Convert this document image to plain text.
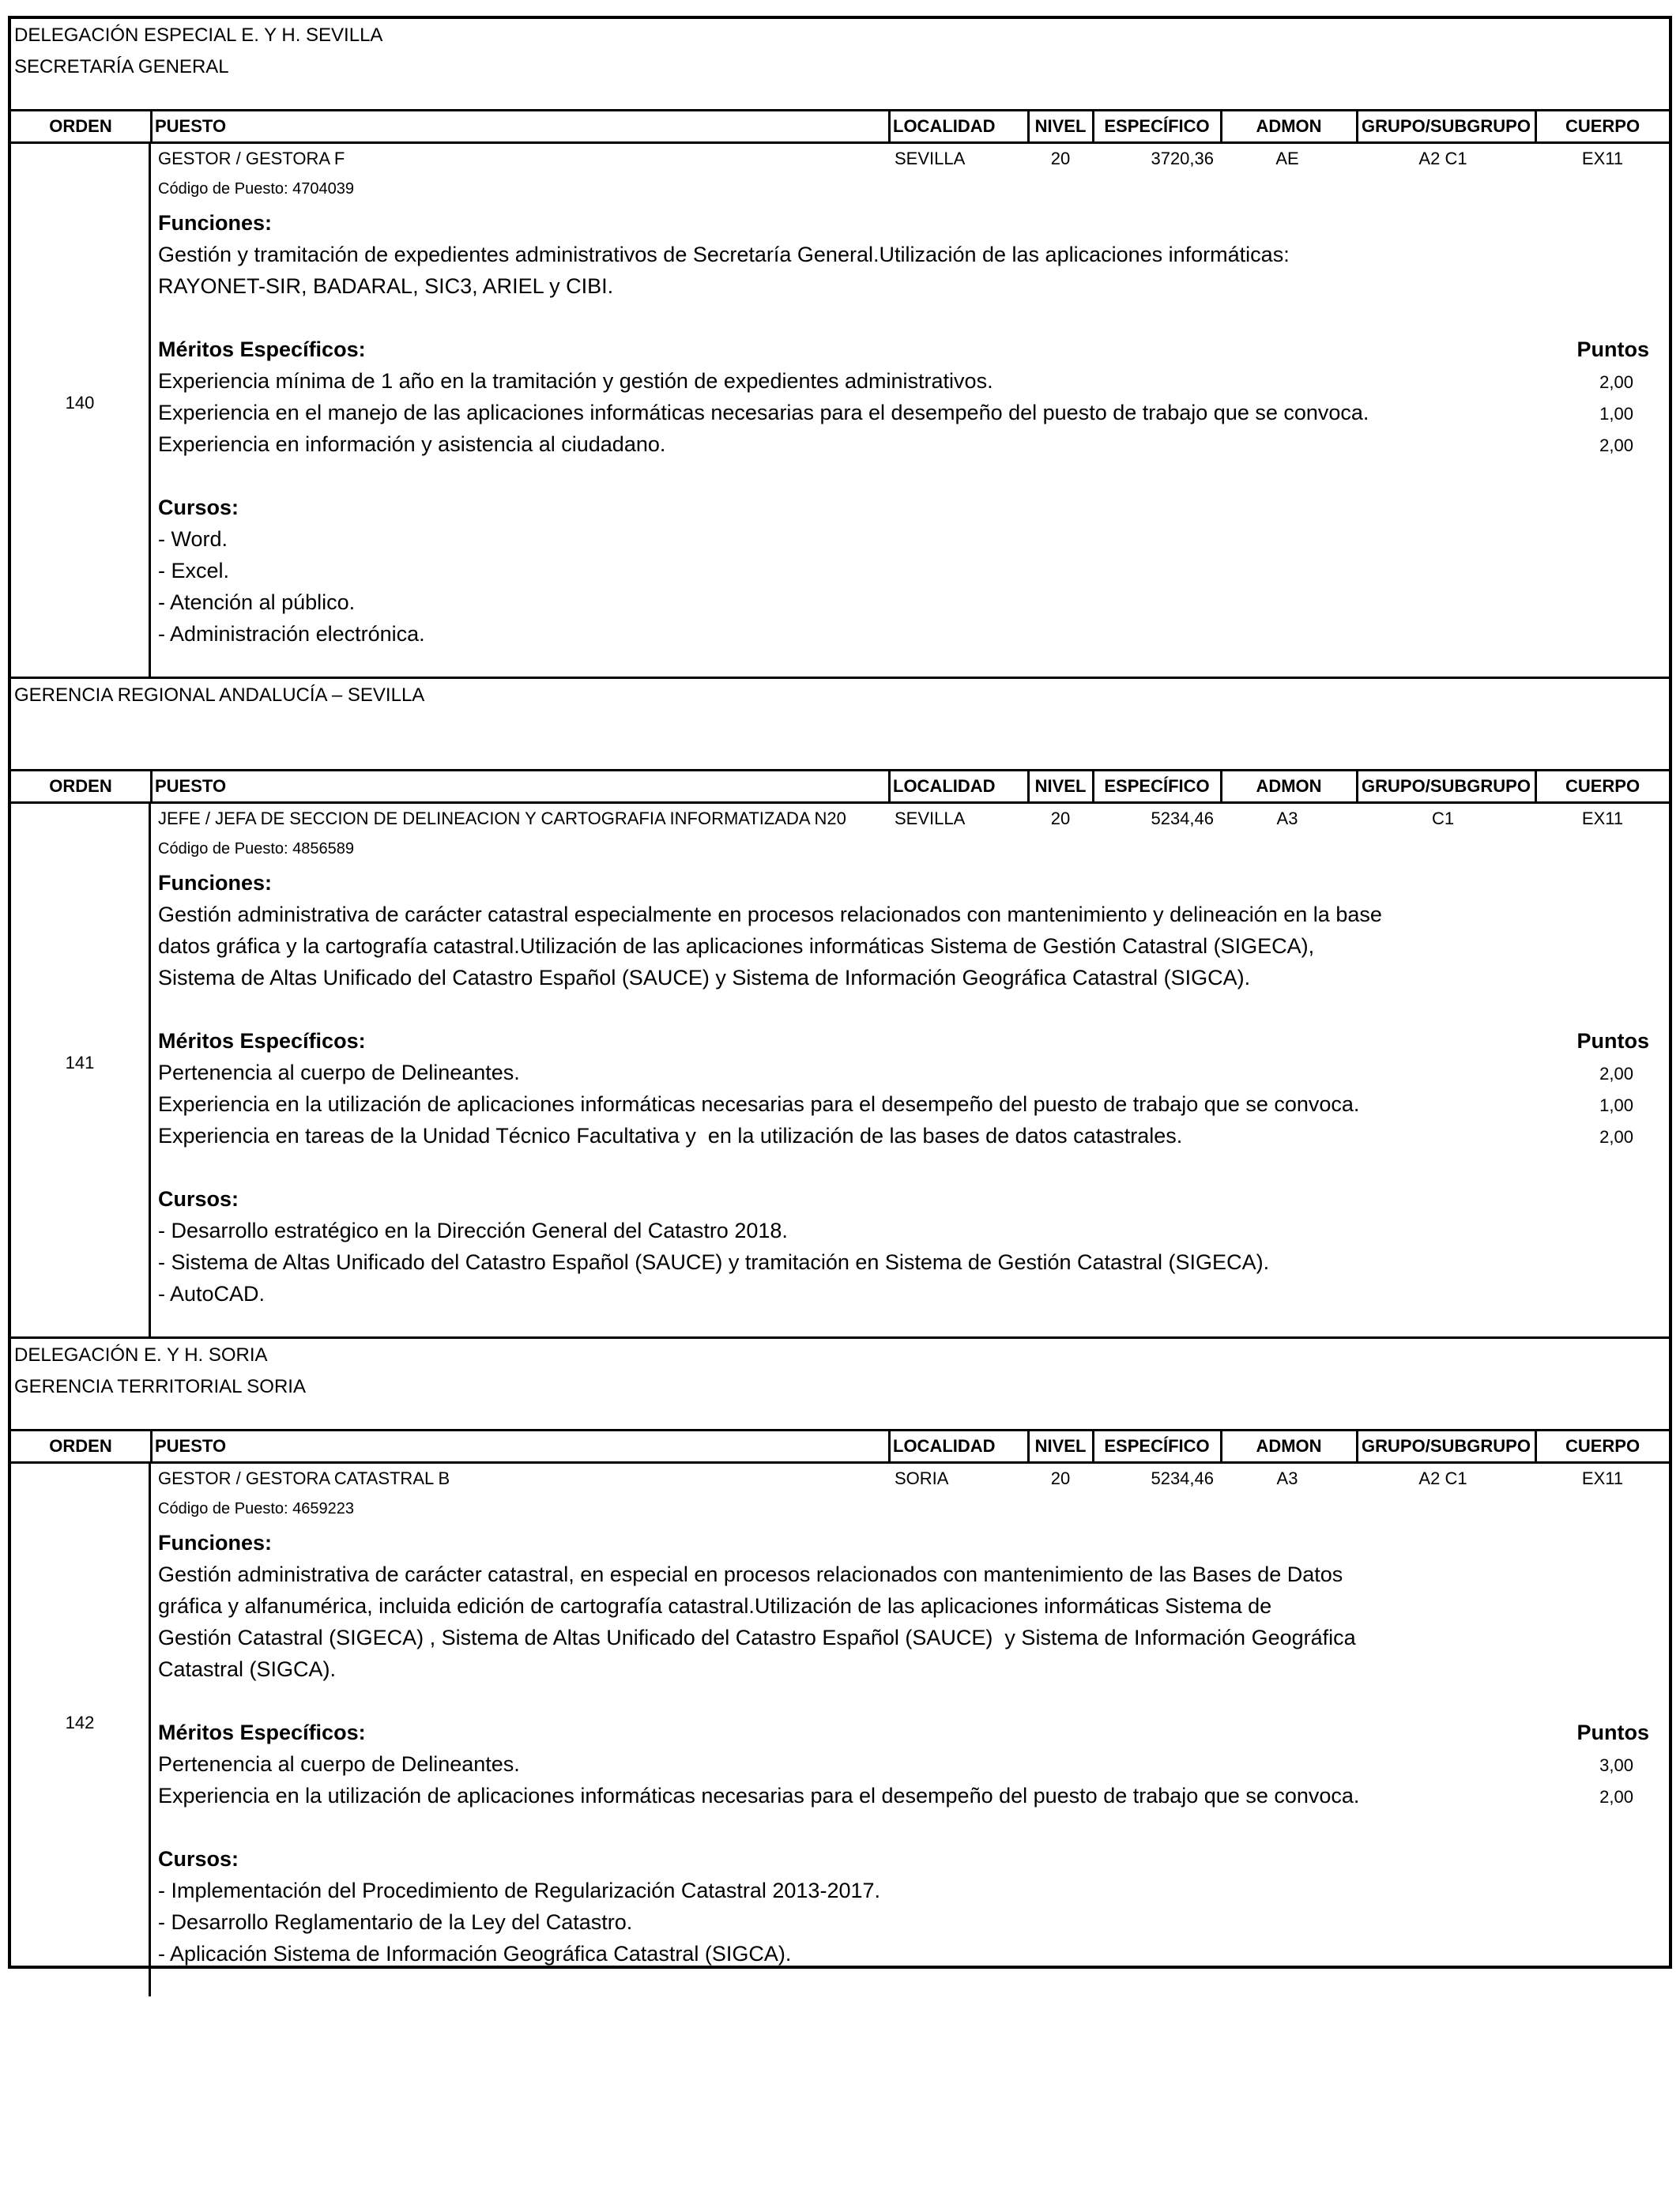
DELEGACIÓN ESPECIAL E. Y H. SEVILLA
SECRETARÍA GENERAL
ORDEN	PUESTO	LOCALIDAD	NIVEL	ESPECÍFICO	ADMON	GRUPO/SUBGRUPO	CUERPO
140
GESTOR / GESTORA F	SEVILLA	20	3720,36	AE	A2 C1	EX11
Código de Puesto: 4704039
Funciones:
Gestión y tramitación de expedientes administrativos de Secretaría General.Utilización de las aplicaciones informáticas:
RAYONET-SIR, BADARAL, SIC3, ARIEL y CIBI.
Méritos Específicos:	Puntos
Experiencia mínima de 1 año en la tramitación y gestión de expedientes administrativos.	2,00
Experiencia en el manejo de las aplicaciones informáticas necesarias para el desempeño del puesto de trabajo que se convoca.	1,00
Experiencia en información y asistencia al ciudadano.	2,00
Cursos:
- Word.
- Excel.
- Atención al público.
- Administración electrónica.
GERENCIA REGIONAL ANDALUCÍA – SEVILLA
ORDEN	PUESTO	LOCALIDAD	NIVEL	ESPECÍFICO	ADMON	GRUPO/SUBGRUPO	CUERPO
141
JEFE / JEFA DE SECCION DE DELINEACION Y CARTOGRAFIA INFORMATIZADA N20	SEVILLA	20	5234,46	A3	C1	EX11
Código de Puesto: 4856589
Funciones:
Gestión administrativa de carácter catastral especialmente en procesos relacionados con mantenimiento y delineación en la base
datos gráfica y la cartografía catastral.Utilización de las aplicaciones informáticas Sistema de Gestión Catastral (SIGECA),
Sistema de Altas Unificado del Catastro Español (SAUCE) y Sistema de Información Geográfica Catastral (SIGCA).
Méritos Específicos:	Puntos
Pertenencia al cuerpo de Delineantes.	2,00
Experiencia en la utilización de aplicaciones informáticas necesarias para el desempeño del puesto de trabajo que se convoca.	1,00
Experiencia en tareas de la Unidad Técnico Facultativa y  en la utilización de las bases de datos catastrales.	2,00
Cursos:
- Desarrollo estratégico en la Dirección General del Catastro 2018.
- Sistema de Altas Unificado del Catastro Español (SAUCE) y tramitación en Sistema de Gestión Catastral (SIGECA).
- AutoCAD.
DELEGACIÓN E. Y H. SORIA
GERENCIA TERRITORIAL SORIA
ORDEN	PUESTO	LOCALIDAD	NIVEL	ESPECÍFICO	ADMON	GRUPO/SUBGRUPO	CUERPO
142
GESTOR / GESTORA CATASTRAL B	SORIA	20	5234,46	A3	A2 C1	EX11
Código de Puesto: 4659223
Funciones:
Gestión administrativa de carácter catastral, en especial en procesos relacionados con mantenimiento de las Bases de Datos
gráfica y alfanumérica, incluida edición de cartografía catastral.Utilización de las aplicaciones informáticas Sistema de
Gestión Catastral (SIGECA) , Sistema de Altas Unificado del Catastro Español (SAUCE)  y Sistema de Información Geográfica
Catastral (SIGCA).
Méritos Específicos:	Puntos
Pertenencia al cuerpo de Delineantes.	3,00
Experiencia en la utilización de aplicaciones informáticas necesarias para el desempeño del puesto de trabajo que se convoca.	2,00
Cursos:
- Implementación del Procedimiento de Regularización Catastral 2013-2017.
- Desarrollo Reglamentario de la Ley del Catastro.
- Aplicación Sistema de Información Geográfica Catastral (SIGCA).
